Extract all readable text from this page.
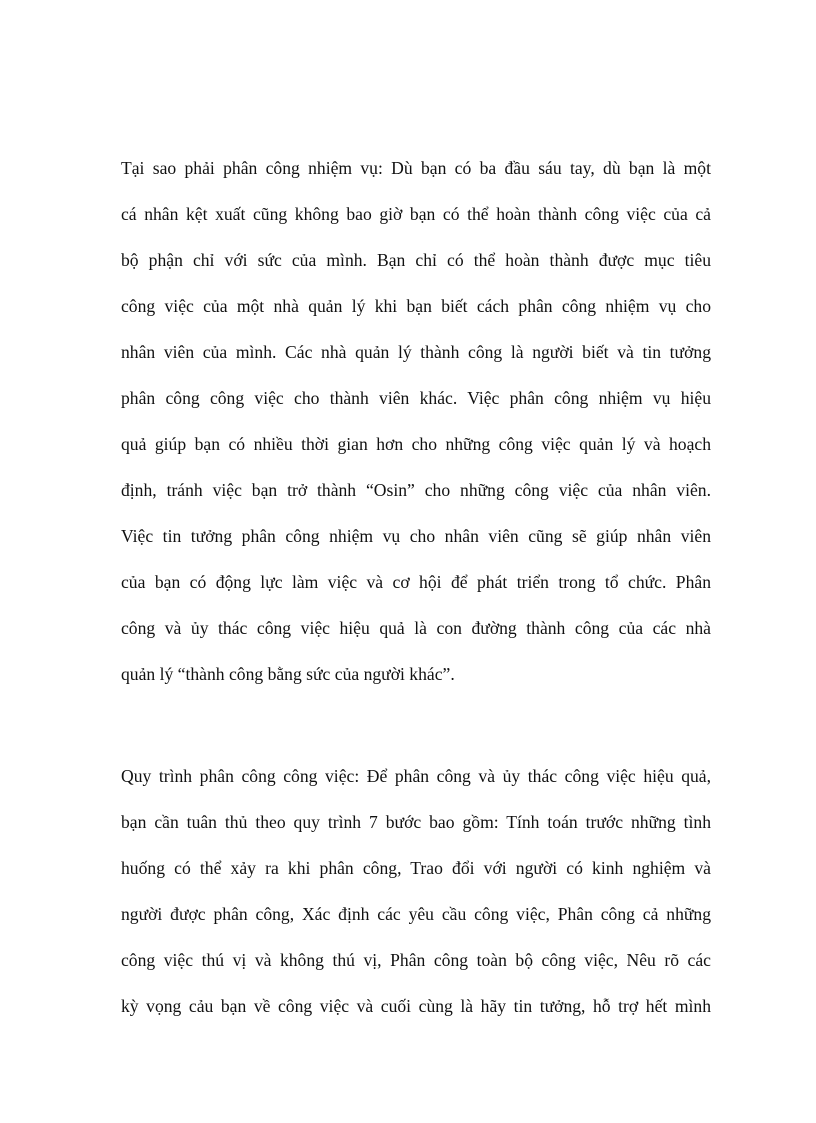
Tại sao phải phân công nhiệm vụ: Dù bạn có ba đầu sáu tay, dù bạn là một
cá nhân kệt xuất cũng không bao giờ bạn có thể hoàn thành công việc của cả
bộ phận chỉ với sức của mình. Bạn chỉ có thể hoàn thành được mục tiêu
công việc của một nhà quản lý khi bạn biết cách phân công nhiệm vụ cho
nhân viên của mình. Các nhà quản lý thành công là người biết và tin tưởng
phân công công việc cho thành viên khác. Việc phân công nhiệm vụ hiệu
quả giúp bạn có nhiều thời gian hơn cho những công việc quản lý và hoạch
định, tránh việc bạn trở thành “Osin” cho những công việc của nhân viên.
Việc tin tưởng phân công nhiệm vụ cho nhân viên cũng sẽ giúp nhân viên
của bạn có động lực làm việc và cơ hội để phát triển trong tổ chức. Phân
công và ủy thác công việc hiệu quả là con đường thành công của các nhà
quản lý “thành công bằng sức của người khác”.
Quy trình phân công công việc: Để phân công và ủy thác công việc hiệu quả,
bạn cần tuân thủ theo quy trình 7 bước bao gồm: Tính toán trước những tình
huống có thể xảy ra khi phân công, Trao đổi với người có kinh nghiệm và
người được phân công, Xác định các yêu cầu công việc, Phân công cả những
công việc thú vị và không thú vị, Phân công toàn bộ công việc, Nêu rõ các
kỳ vọng cảu bạn về công việc và cuối cùng là hãy tin tưởng, hỗ trợ hết mình
